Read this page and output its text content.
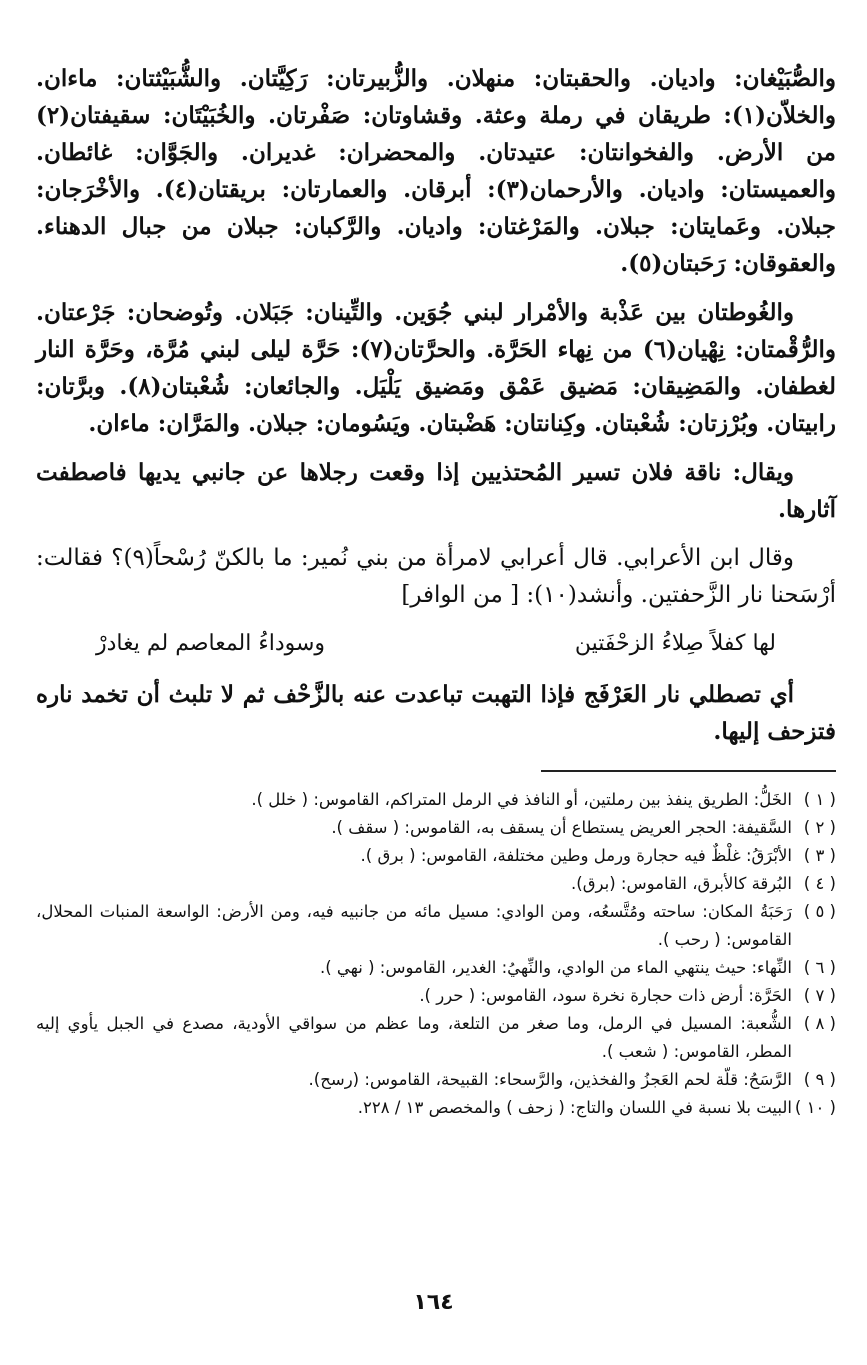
والصُّبَيْغان: واديان. والحقبتان: منهلان. والزُّبيرتان: رَكِيَّتان. والشُّبَيْثتان: ماءان. والخلاّن(١): طريقان في رملة وعثة. وقشاوتان: صَفْرتان. والخُبَيْتَان: سقيفتان(٢) من الأرض. والفخوانتان: عتيدتان. والمحضران: غديران. والجَوَّان: غائطان. والعميستان: واديان. والأرحمان(٣): أبرقان. والعمارتان: بريقتان(٤). والأخْرَجان: جبلان. وعَمايتان: جبلان. والمَرْغتان: واديان. والرَّكبان: جبلان من جبال الدهناء. والعقوقان: رَحَبتان(٥).

والغُوطتان بين عَذْبة والأمْرار لبني جُوَين. والتِّينان: جَبَلان. وتُوضحان: جَرْعتان. والرُّقْمتان: نِهْيان(٦) من نِهاء الحَرَّة. والحرَّتان(٧): حَرَّة ليلى لبني مُرَّة، وحَرَّة النار لغطفان. والمَضِيقان: مَضيق عَمْق ومَضيق يَلْيَل. والجائعان: شُعْبتان(٨). وبرَّتان: رابيتان. وبُرْزتان: شُعْبتان. وكِنانتان: هَضْبتان. ويَسُومان: جبلان. والمَرَّان: ماءان.

ويقال: ناقة فلان تسير المُحتذيين إذا وقعت رجلاها عن جانبي يديها فاصطفت آثارها.

وقال ابن الأعرابي. قال أعرابي لامرأة من بني نُمير: ما بالكنّ رُسْحاً(٩)؟ فقالت: أرْسَحنا نار الزَّحفتين. وأنشد(١٠): [ من الوافر]

لها كفلاً صِلاءُ الزحْفَتين
وسوداءُ المعاصم لم يغادرْ

أي تصطلي نار العَرْفَج فإذا التهبت تباعدت عنه بالزَّحْف ثم لا تلبث أن تخمد ناره فتزحف إليها.

( ١ )
الخَلُّ: الطريق ينفذ بين رملتين، أو النافذ في الرمل المتراكم، القاموس: ( خلل ).
( ٢ )
السَّقيفة: الحجر العريض يستطاع أن يسقف به، القاموس: ( سقف ).
( ٣ )
الأبْرَقُ: غلْظٌ فيه حجارة ورمل وطين مختلفة، القاموس: ( برق ).
( ٤ )
البُرقة كالأبرق، القاموس: (برق).
( ٥ )
رَحَبَةُ المكان: ساحته ومُتَّسعُه، ومن الوادي: مسيل مائه من جانبيه فيه، ومن الأرض: الواسعة المنبات المحلال، القاموس: ( رحب ).
( ٦ )
النِّهاء: حيث ينتهي الماء من الوادي، والنِّهيُ: الغدير، القاموس: ( نهي ).
( ٧ )
الحَرَّة: أرض ذات حجارة نخرة سود، القاموس: ( حرر ).
( ٨ )
الشُّعبة: المسيل في الرمل، وما صغر من التلعة، وما عظم من سواقي الأودية، مصدع في الجبل يأوي إليه المطر، القاموس: ( شعب ).
( ٩ )
الرَّسَحُ: قلّة لحم العَجزُ والفخذين، والرَّسحاء: القبيحة، القاموس: (رسح).
( ١٠ )
البيت بلا نسبة في اللسان والتاج: ( زحف ) والمخصص ١٣ / ٢٢٨.
١٦٤
